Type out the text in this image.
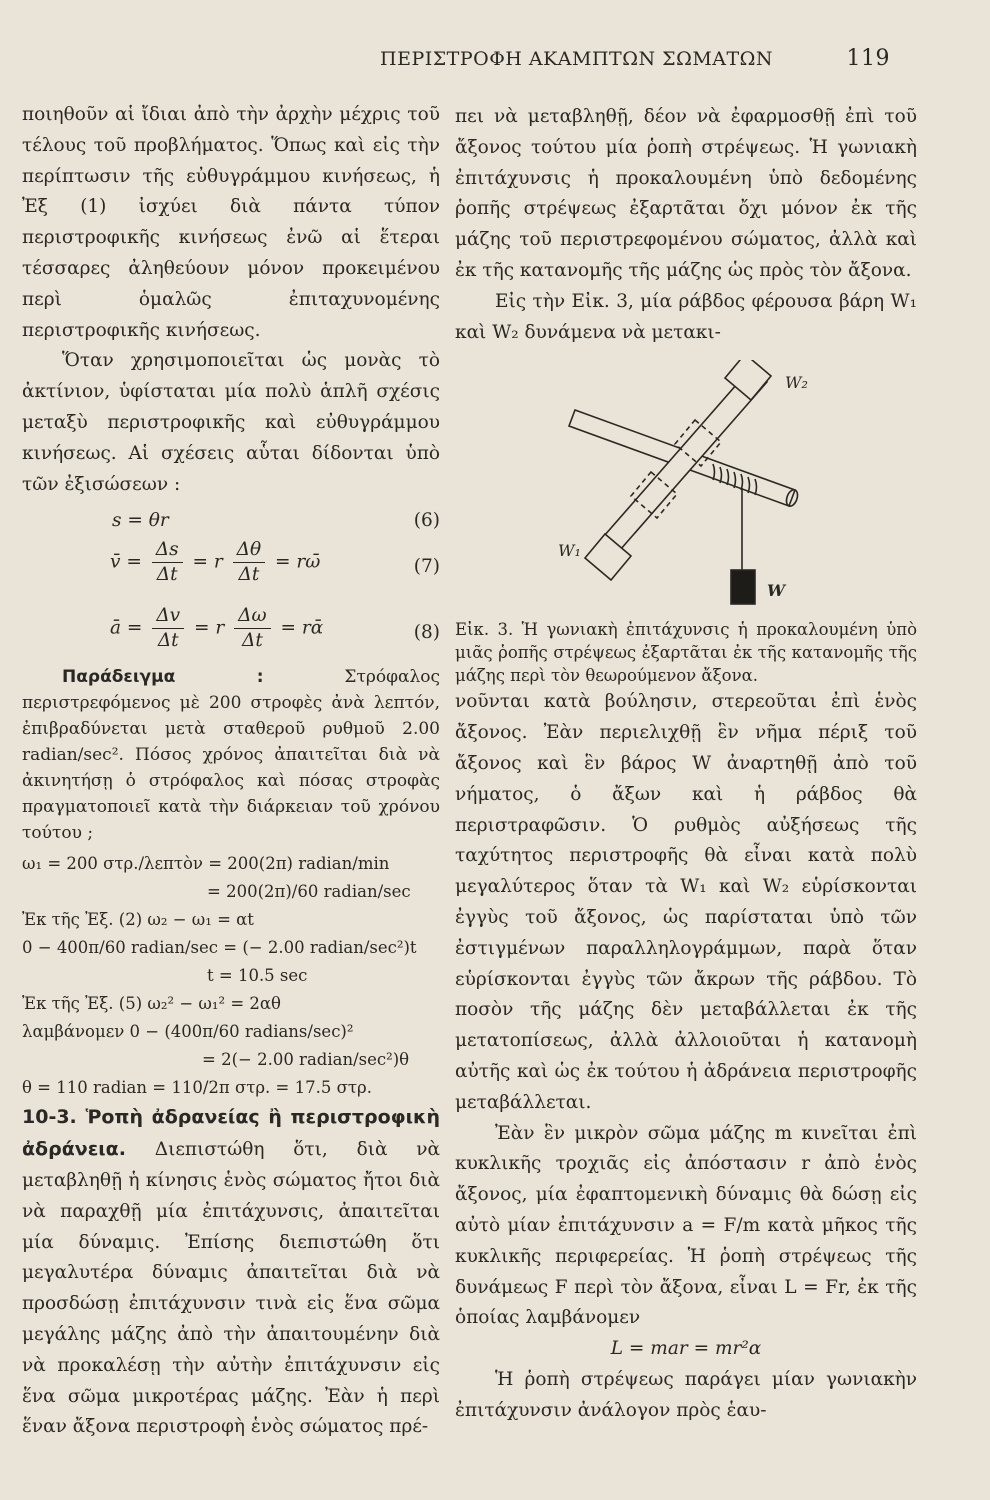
ΠΕΡΙΣΤΡΟΦΗ ΑΚΑΜΠΤΩΝ ΣΩΜΑΤΩΝ	119

ποιηθοῦν αἱ ἴδιαι ἀπὸ τὴν ἀρχὴν μέχρις τοῦ τέλους τοῦ προβλήματος. Ὅπως καὶ εἰς τὴν περίπτωσιν τῆς εὐθυγράμμου κινήσεως, ἡ Ἐξ (1) ἰσχύει διὰ πάντα τύπον περιστροφικῆς κινήσεως ἐνῶ αἱ ἕτεραι τέσσαρες ἀληθεύουν μόνον προκειμένου περὶ ὁμαλῶς ἐπιταχυνομένης περιστροφικῆς κινήσεως.

Ὅταν χρησιμοποιεῖται ὡς μονὰς τὸ ἀκτίνιον, ὑφίσταται μία πολὺ ἁπλῆ σχέσις μεταξὺ περιστροφικῆς καὶ εὐθυγράμμου κινήσεως. Αἱ σχέσεις αὗται δίδονται ὑπὸ τῶν ἐξισώσεων :

s = θr	(6)
v̄ = $\frac{\Delta s}{\Delta t} = r \frac{\Delta\theta}{\Delta t}$ = rω̄	(7)
ā = $\frac{\Delta v}{\Delta t} = r \frac{\Delta\omega}{\Delta t}$ = rᾱ	(8)

Παράδειγμα :	Στρόφαλος περιστρεφόμενος μὲ 200 στροφὲς ἀνὰ λεπτόν, ἐπιβραδύνεται μετὰ σταθεροῦ ρυθμοῦ 2.00 radian/sec². Πόσος χρόνος ἀπαιτεῖται διὰ νὰ ἀκινητήσῃ ὁ στρόφαλος καὶ πόσας στροφὰς πραγματοποιεῖ κατὰ τὴν διάρκειαν τοῦ χρόνου τούτου ;

ω₁ = 200 στρ./λεπτὸν = 200(2π) radian/min
= 200(2π)/60 radian/sec
Ἐκ τῆς Ἐξ. (2) ω₂ − ω₁ = αt
0 − 400π/60 radian/sec = (− 2.00 radian/sec²)t
t = 10.5 sec
Ἐκ τῆς Ἐξ. (5) ω₂² − ω₁² = 2αθ
λαμβάνομεν 0 − (400π/60 radians/sec)²
= 2(− 2.00 radian/sec²)θ
θ = 110 radian = 110/2π στρ. = 17.5 στρ.

10-3. Ῥοπὴ ἀδρανείας ἢ περιστροφικὴ ἀδράνεια. Διεπιστώθη ὅτι, διὰ νὰ μεταβληθῇ ἡ κίνησις ἑνὸς σώματος ἤτοι διὰ νὰ παραχθῇ μία ἐπιτάχυνσις, ἀπαιτεῖται μία δύναμις. Ἐπίσης διεπιστώθη ὅτι μεγαλυτέρα δύναμις ἀπαιτεῖται διὰ νὰ προσδώσῃ ἐπιτάχυνσιν τινὰ εἰς ἕνα σῶμα μεγάλης μάζης ἀπὸ τὴν ἀπαιτουμένην διὰ νὰ προκαλέσῃ τὴν αὐτὴν ἐπιτάχυνσιν εἰς ἕνα σῶμα μικροτέρας μάζης. Ἐὰν ἡ περὶ ἕναν ἄξονα περιστροφὴ ἑνὸς σώματος πρέ-

πει νὰ μεταβληθῇ, δέον νὰ ἐφαρμοσθῇ ἐπὶ τοῦ ἄξονος τούτου μία ῥοπὴ στρέψεως. Ἡ γωνιακὴ ἐπιτάχυνσις ἡ προκαλουμένη ὑπὸ δεδομένης ῥοπῆς στρέψεως ἐξαρτᾶται ὄχι μόνον ἐκ τῆς μάζης τοῦ περιστρεφομένου σώματος, ἀλλὰ καὶ ἐκ τῆς κατανομῆς τῆς μάζης ὡς πρὸς τὸν ἄξονα.

Εἰς τὴν Εἰκ. 3, μία ράβδος φέρουσα βάρη W₁ καὶ W₂ δυνάμενα νὰ μετακι-

W₂
W₁
W

Εἰκ. 3. Ἡ γωνιακὴ ἐπιτάχυνσις ἡ προκαλουμένη ὑπὸ μιᾶς ῥοπῆς στρέψεως ἐξαρτᾶται ἐκ τῆς κατανομῆς τῆς μάζης περὶ τὸν θεωρούμενον ἄξονα.

νοῦνται κατὰ βούλησιν, στερεοῦται ἐπὶ ἑνὸς ἄξονος. Ἐὰν περιελιχθῇ ἓν νῆμα πέριξ τοῦ ἄξονος καὶ ἓν βάρος W ἀναρτηθῇ ἀπὸ τοῦ νήματος, ὁ ἄξων καὶ ἡ ράβδος θὰ περιστραφῶσιν. Ὁ ρυθμὸς αὐξήσεως τῆς ταχύτητος περιστροφῆς θὰ εἶναι κατὰ πολὺ μεγαλύτερος ὅταν τὰ W₁ καὶ W₂ εὑρίσκονται ἐγγὺς τοῦ ἄξονος, ὡς παρίσταται ὑπὸ τῶν ἐστιγμένων παραλληλογράμμων, παρὰ ὅταν εὑρίσκονται ἐγγὺς τῶν ἄκρων τῆς ράβδου. Τὸ ποσὸν τῆς μάζης δὲν μεταβάλλεται ἐκ τῆς μετατοπίσεως, ἀλλὰ ἀλλοιοῦται ἡ κατανομὴ αὐτῆς καὶ ὡς ἐκ τούτου ἡ ἀδράνεια περιστροφῆς μεταβάλλεται.

Ἐὰν ἓν μικρὸν σῶμα μάζης m κινεῖται ἐπὶ κυκλικῆς τροχιᾶς εἰς ἀπόστασιν r ἀπὸ ἑνὸς ἄξονος, μία ἐφαπτομενικὴ δύναμις θὰ δώσῃ εἰς αὐτὸ μίαν ἐπιτάχυνσιν a = F/m κατὰ μῆκος τῆς κυκλικῆς περιφερείας. Ἡ ῥοπὴ στρέψεως τῆς δυνάμεως F περὶ τὸν ἄξονα, εἶναι L = Fr, ἐκ τῆς ὁποίας λαμβάνομεν

L = mar = mr²α

Ἡ ῥοπὴ στρέψεως παράγει μίαν γωνιακὴν ἐπιτάχυνσιν ἀνάλογον πρὸς ἑαυ-
